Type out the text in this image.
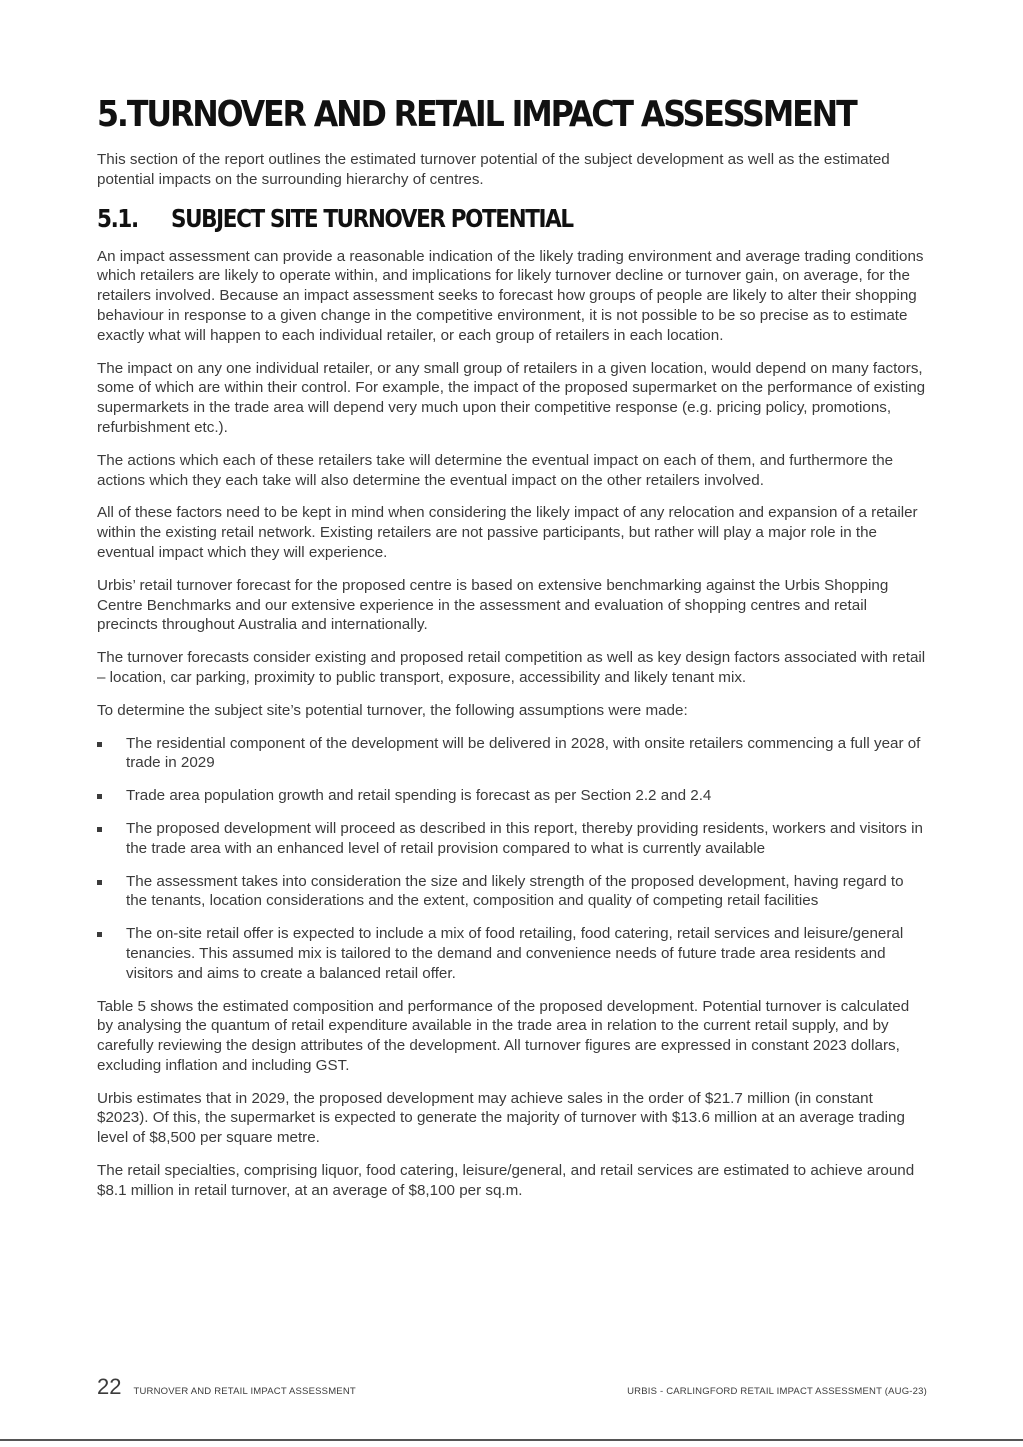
5. TURNOVER AND RETAIL IMPACT ASSESSMENT

This section of the report outlines the estimated turnover potential of the subject development as well as the estimated potential impacts on the surrounding hierarchy of centres.

5.1.	SUBJECT SITE TURNOVER POTENTIAL

An impact assessment can provide a reasonable indication of the likely trading environment and average trading conditions which retailers are likely to operate within, and implications for likely turnover decline or turnover gain, on average, for the retailers involved. Because an impact assessment seeks to forecast how groups of people are likely to alter their shopping behaviour in response to a given change in the competitive environment, it is not possible to be so precise as to estimate exactly what will happen to each individual retailer, or each group of retailers in each location.

The impact on any one individual retailer, or any small group of retailers in a given location, would depend on many factors, some of which are within their control. For example, the impact of the proposed supermarket on the performance of existing supermarkets in the trade area will depend very much upon their competitive response (e.g. pricing policy, promotions, refurbishment etc.).

The actions which each of these retailers take will determine the eventual impact on each of them, and furthermore the actions which they each take will also determine the eventual impact on the other retailers involved.

All of these factors need to be kept in mind when considering the likely impact of any relocation and expansion of a retailer within the existing retail network. Existing retailers are not passive participants, but rather will play a major role in the eventual impact which they will experience.

Urbis’ retail turnover forecast for the proposed centre is based on extensive benchmarking against the Urbis Shopping Centre Benchmarks and our extensive experience in the assessment and evaluation of shopping centres and retail precincts throughout Australia and internationally.

The turnover forecasts consider existing and proposed retail competition as well as key design factors associated with retail – location, car parking, proximity to public transport, exposure, accessibility and likely tenant mix.

To determine the subject site’s potential turnover, the following assumptions were made:

The residential component of the development will be delivered in 2028, with onsite retailers commencing a full year of trade in 2029
Trade area population growth and retail spending is forecast as per Section 2.2 and 2.4
The proposed development will proceed as described in this report, thereby providing residents, workers and visitors in the trade area with an enhanced level of retail provision compared to what is currently available
The assessment takes into consideration the size and likely strength of the proposed development, having regard to the tenants, location considerations and the extent, composition and quality of competing retail facilities
The on-site retail offer is expected to include a mix of food retailing, food catering, retail services and leisure/general tenancies. This assumed mix is tailored to the demand and convenience needs of future trade area residents and visitors and aims to create a balanced retail offer.

Table 5 shows the estimated composition and performance of the proposed development. Potential turnover is calculated by analysing the quantum of retail expenditure available in the trade area in relation to the current retail supply, and by carefully reviewing the design attributes of the development. All turnover figures are expressed in constant 2023 dollars, excluding inflation and including GST.

Urbis estimates that in 2029, the proposed development may achieve sales in the order of $21.7 million (in constant $2023). Of this, the supermarket is expected to generate the majority of turnover with $13.6 million at an average trading level of $8,500 per square metre.

The retail specialties, comprising liquor, food catering, leisure/general, and retail services are estimated to achieve around $8.1 million in retail turnover, at an average of $8,100 per sq.m.

22 TURNOVER AND RETAIL IMPACT ASSESSMENT	URBIS - CARLINGFORD RETAIL IMPACT ASSESSMENT (AUG-23)
